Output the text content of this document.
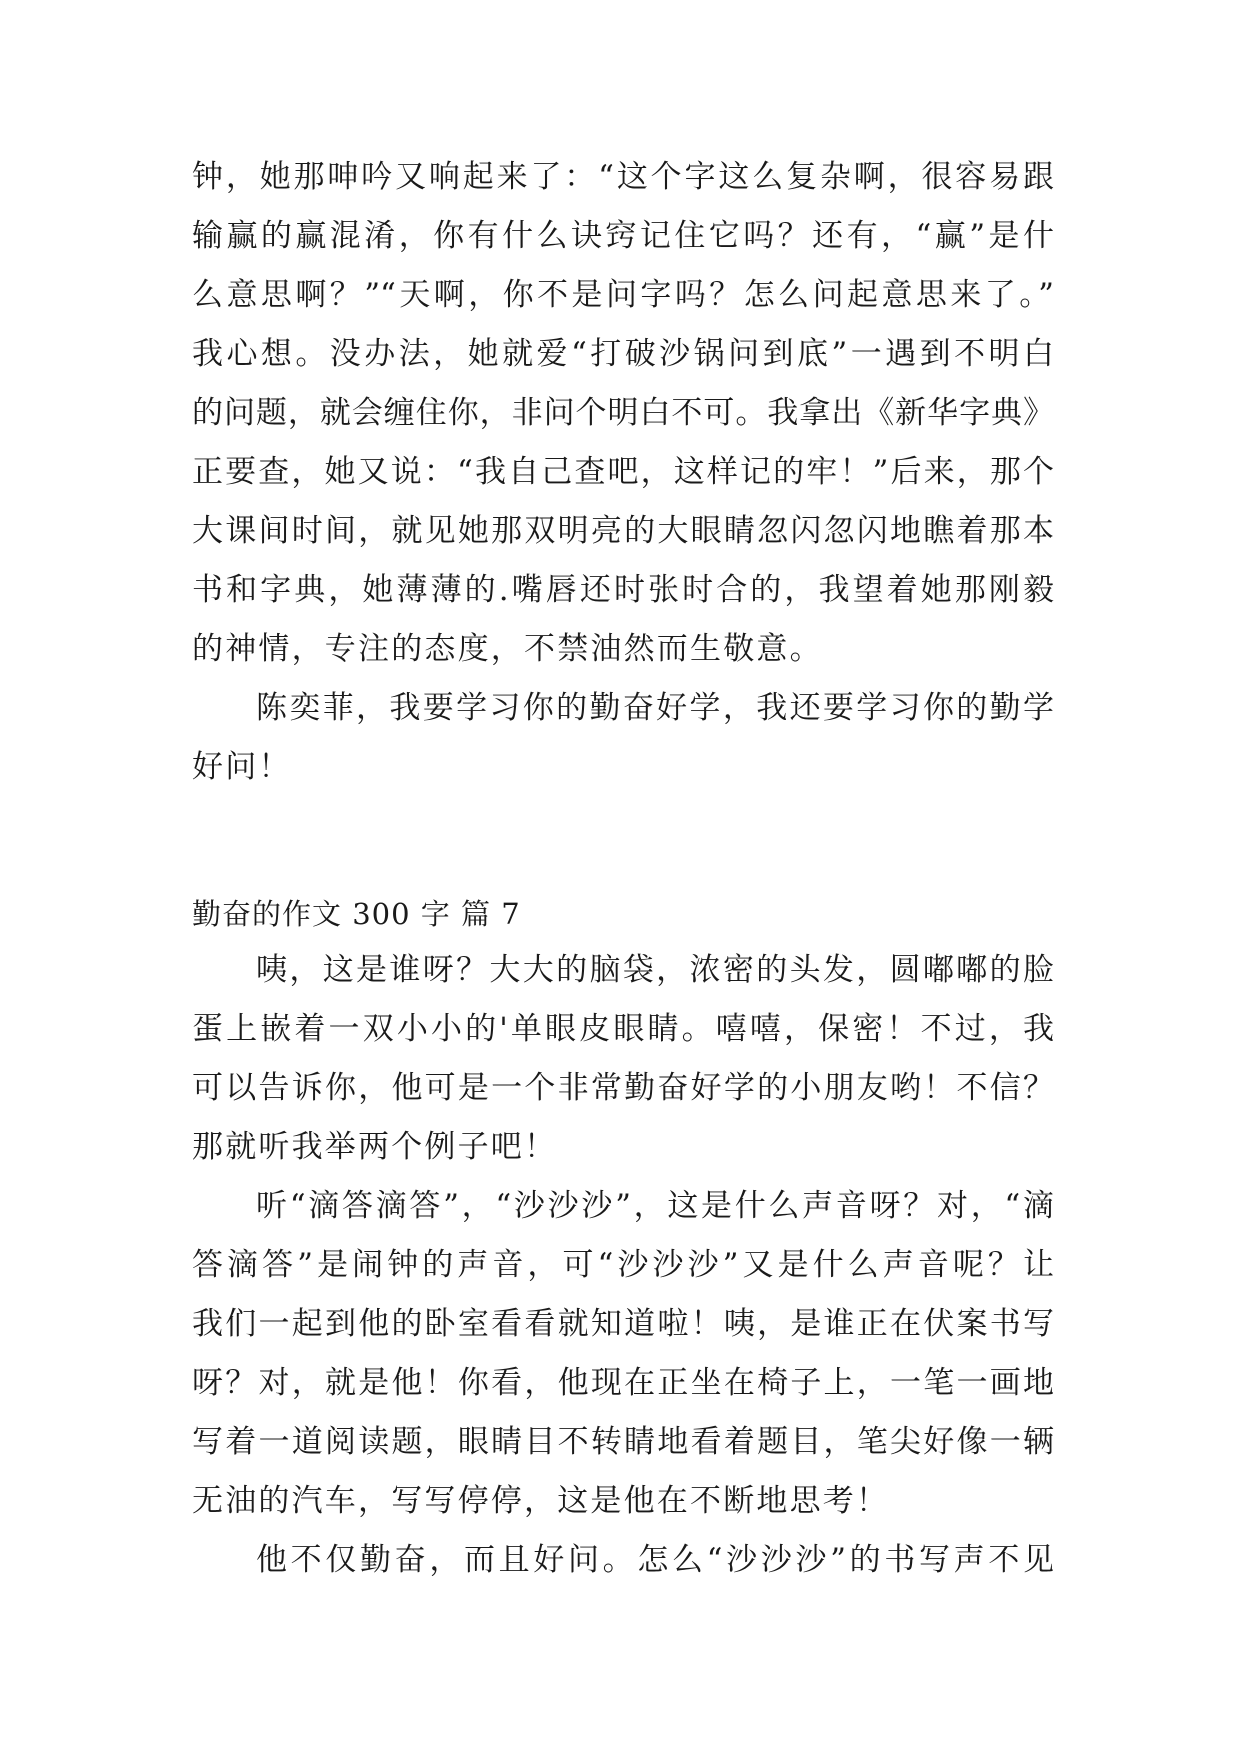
钟，她那呻吟又响起来了：“这个字这么复杂啊，很容易跟
输赢的赢混淆，你有什么诀窍记住它吗？还有，“赢”是什
么意思啊？”“天啊，你不是问字吗？怎么问起意思来了。”
我心想。没办法，她就爱“打破沙锅问到底”一遇到不明白
的问题，就会缠住你，非问个明白不可。我拿出《新华字典》
正要查，她又说：“我自己查吧，这样记的牢！”后来，那个
大课间时间，就见她那双明亮的大眼睛忽闪忽闪地瞧着那本
书和字典，她薄薄的.嘴唇还时张时合的，我望着她那刚毅
的神情，专注的态度，不禁油然而生敬意。
陈奕菲，我要学习你的勤奋好学，我还要学习你的勤学
好问！
勤奋的作文 300 字 篇 7
咦，这是谁呀？大大的脑袋，浓密的头发，圆嘟嘟的脸
蛋上嵌着一双小小的'单眼皮眼睛。嘻嘻，保密！不过，我
可以告诉你，他可是一个非常勤奋好学的小朋友哟！不信？
那就听我举两个例子吧！
听“滴答滴答”，“沙沙沙”，这是什么声音呀？对，“滴
答滴答”是闹钟的声音，可“沙沙沙”又是什么声音呢？让
我们一起到他的卧室看看就知道啦！咦，是谁正在伏案书写
呀？对，就是他！你看，他现在正坐在椅子上，一笔一画地
写着一道阅读题，眼睛目不转睛地看着题目，笔尖好像一辆
无油的汽车，写写停停，这是他在不断地思考！
他不仅勤奋，而且好问。怎么“沙沙沙”的书写声不见
